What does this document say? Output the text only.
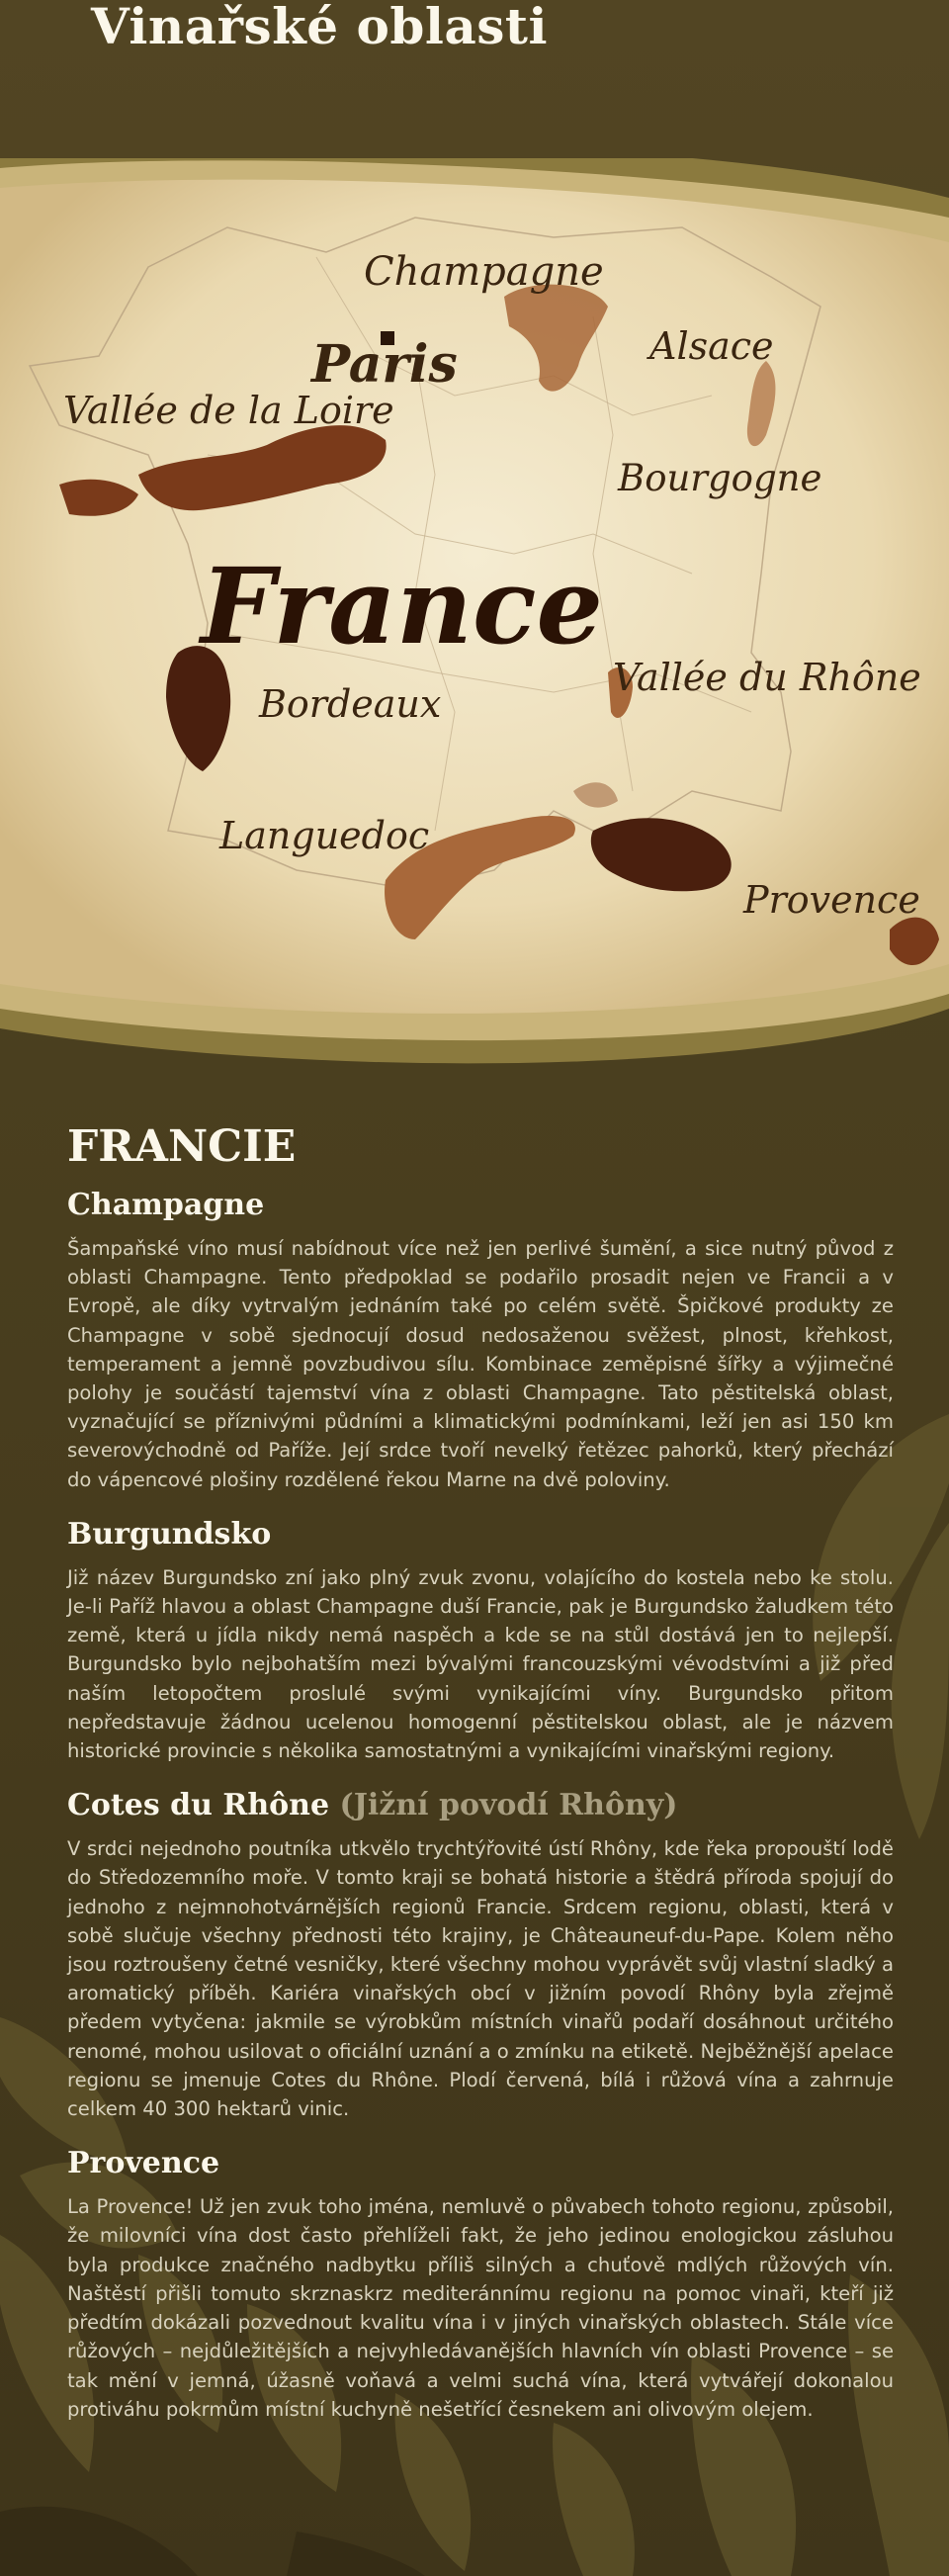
Vinařské oblasti
Champagne
Paris	Alsace
Vallée de la Loire
Bourgogne
France
Vallée du Rhône
Bordeaux
Languedoc
Provence
FRANCIE
Champagne

Šampaňské víno musí nabídnout více než jen perlivé šumění, a sice nutný původ z oblasti Champagne. Tento předpoklad se podařilo prosadit nejen ve Francii a v Evropě, ale díky vytrvalým jednáním také po celém světě. Špičkové produkty ze Champagne v sobě sjednocují dosud nedosaženou svěžest, plnost, křehkost, temperament a jemně povzbudivou sílu. Kombinace zeměpisné šířky a výjimečné polohy je součástí tajemství vína z oblasti Champagne. Tato pěstitelská oblast, vyznačující se příznivými půdními a klimatickými podmínkami, leží jen asi 150 km severovýchodně od Paříže. Její srdce tvoří nevelký řetězec pahorků, který přechází do vápencové plošiny rozdělené řekou Marne na dvě poloviny.

Burgundsko

Již název Burgundsko zní jako plný zvuk zvonu, volajícího do kostela nebo ke stolu. Je-li Paříž hlavou a oblast Champagne duší Francie, pak je Burgundsko žaludkem této země, která u jídla nikdy nemá naspěch a kde se na stůl dostává jen to nejlepší. Burgundsko bylo nejbohatším mezi bývalými francouzskými vévodstvími a již před naším letopočtem proslulé svými vynikajícími víny. Burgundsko přitom nepředstavuje žádnou ucelenou homogenní pěstitelskou oblast, ale je názvem historické provincie s několika samostatnými a vynikajícími vinařskými regiony.

Cotes du Rhône (Jižní povodí Rhôny)

V srdci nejednoho poutníka utkvělo trychtýřovité ústí Rhôny, kde řeka propouští lodě do Středozemního moře. V tomto kraji se bohatá historie a štědrá příroda spojují do jednoho z nejmnohotvárnějších regionů Francie. Srdcem regionu, oblasti, která v sobě slučuje všechny přednosti této krajiny, je Châteauneuf-du-Pape. Kolem něho jsou roztroušeny četné vesničky, které všechny mohou vyprávět svůj vlastní sladký a aromatický příběh. Kariéra vinařských obcí v jižním povodí Rhôny byla zřejmě předem vytyčena: jakmile se výrobkům místních vinařů podaří dosáhnout určitého renomé, mohou usilovat o oficiální uznání a o zmínku na etiketě. Nejběžnější apelace regionu se jmenuje Cotes du Rhône. Plodí červená, bílá i růžová vína a zahrnuje celkem 40 300 hektarů vinic.

Provence

La Provence! Už jen zvuk toho jména, nemluvě o půvabech tohoto regionu, způsobil, že milovníci vína dost často přehlíželi fakt, že jeho jedinou enologickou zásluhou byla produkce značného nadbytku příliš silných a chuťově mdlých růžových vín. Naštěstí přišli tomuto skrznaskrz mediteránnímu regionu na pomoc vinaři, kteří již předtím dokázali pozvednout kvalitu vína i v jiných vinařských oblastech. Stále více růžových – nejdůležitějších a nejvyhledávanějších hlavních vín oblasti Provence – se tak mění v jemná, úžasně voňavá a velmi suchá vína, která vytvářejí dokonalou protiváhu pokrmům místní kuchyně nešetřící česnekem ani olivovým olejem.
